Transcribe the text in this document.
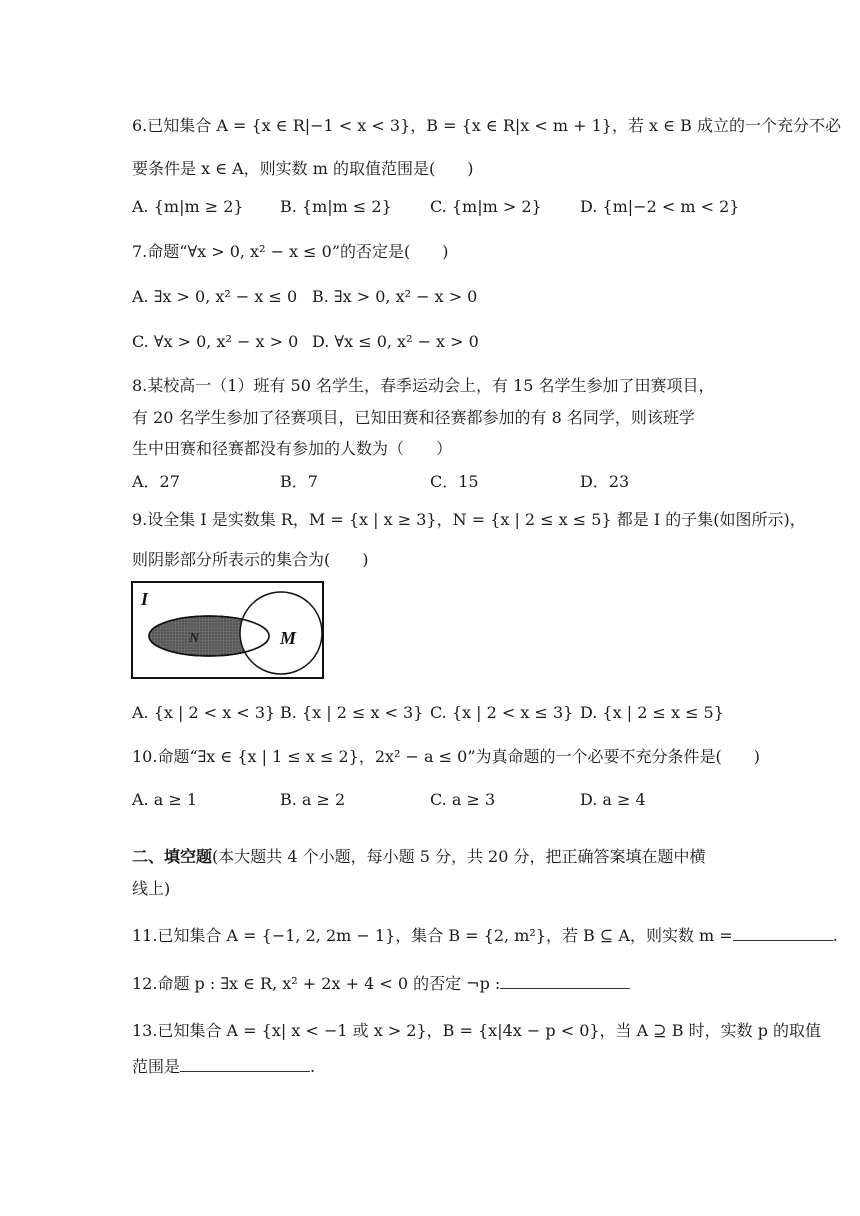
6.已知集合 A = {x ∈ R|−1 < x < 3}，B = {x ∈ R|x < m + 1}，若 x ∈ B 成立的一个充分不必
要条件是 x ∈ A，则实数 m 的取值范围是(　　)
A. {m|m ≥ 2} B. {m|m ≤ 2} C. {m|m > 2} D. {m|−2 < m < 2}
7.命题“∀x > 0, x² − x ≤ 0”的否定是(　　)
A. ∃x > 0, x² − x ≤ 0 B. ∃x > 0, x² − x > 0
C. ∀x > 0, x² − x > 0 D. ∀x ≤ 0, x² − x > 0
8.某校高一（1）班有 50 名学生，春季运动会上，有 15 名学生参加了田赛项目，
有 20 名学生参加了径赛项目，已知田赛和径赛都参加的有 8 名同学，则该班学
生中田赛和径赛都没有参加的人数为（　　）
A．27	B．7	C．15	D．23
9.设全集 I 是实数集 R，M = {x | x ≥ 3}，N = {x | 2 ≤ x ≤ 5} 都是 I 的子集(如图所示)，
则阴影部分所表示的集合为(　　)
I
N	M
A. {x | 2 < x < 3} B. {x | 2 ≤ x < 3} C. {x | 2 < x ≤ 3} D. {x | 2 ≤ x ≤ 5}
10.命题“∃x ∈ {x | 1 ≤ x ≤ 2}，2x² − a ≤ 0”为真命题的一个必要不充分条件是(　　)
A. a ≥ 1	B. a ≥ 2	C. a ≥ 3	D. a ≥ 4
二、填空题(本大题共 4 个小题，每小题 5 分，共 20 分，把正确答案填在题中横
线上)
11.已知集合 A = {−1, 2, 2m − 1}，集合 B = {2, m²}，若 B ⊆ A，则实数 m =	.
12.命题 p : ∃x ∈ R, x² + 2x + 4 < 0 的否定 ¬p :
13.已知集合 A = {x| x < −1 或 x > 2}，B = {x|4x − p < 0}，当 A ⊇ B 时，实数 p 的取值
范围是	.
